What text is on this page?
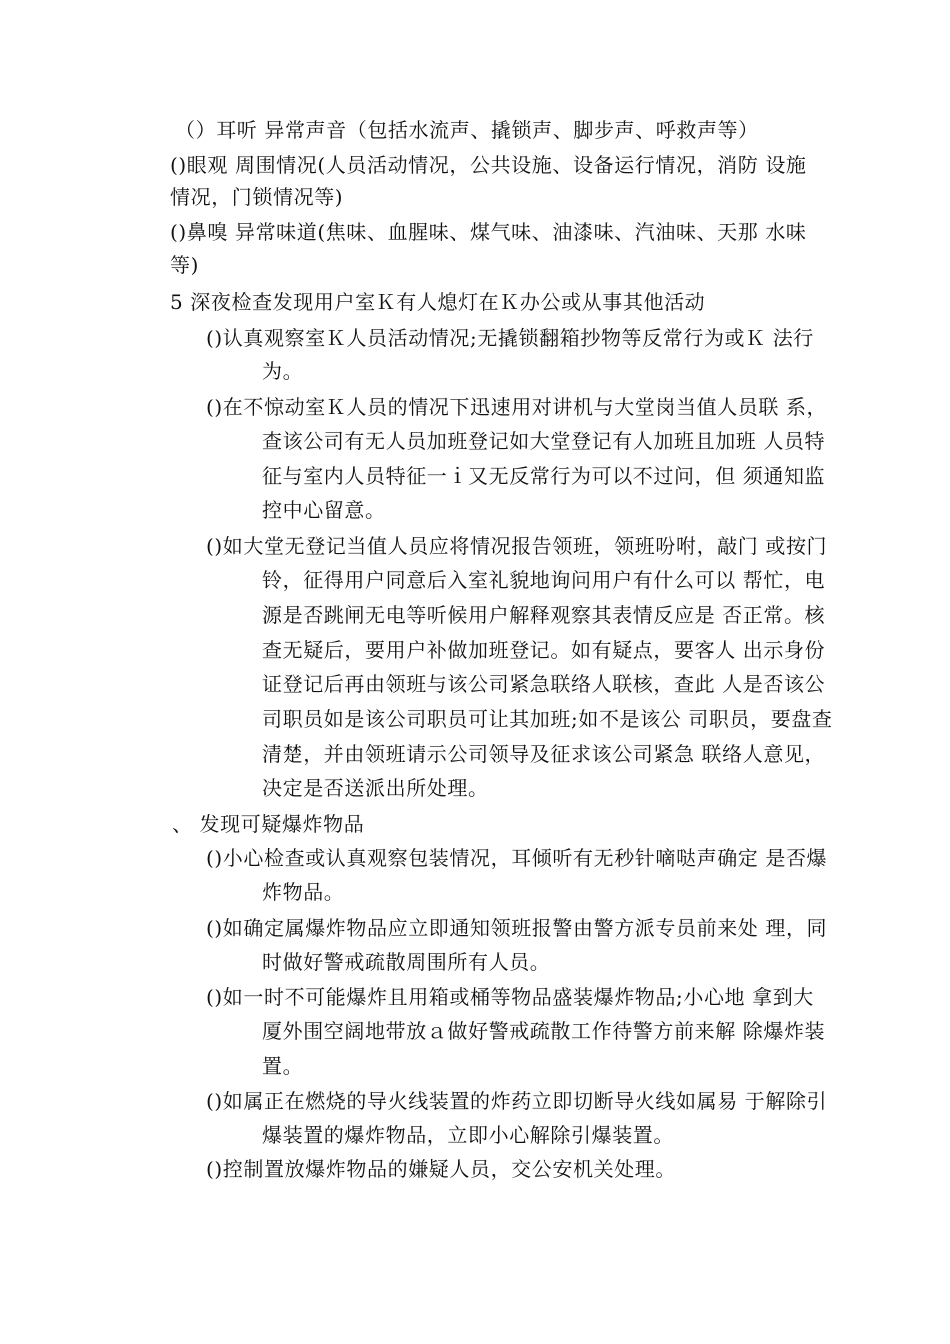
（）耳听 异常声音（包括水流声、撬锁声、脚步声、呼救声等）
()眼观 周围情况(人员活动情况，公共设施、设备运行情况，消防 设施
情况，门锁情况等)
()鼻嗅 异常味道(焦味、血腥味、煤气味、油漆味、汽油味、天那 水味
等)
5 深夜检查发现用户室Ｋ有人熄灯在Ｋ办公或从事其他活动
()认真观察室Ｋ人员活动情况;无撬锁翻箱抄物等反常行为或Ｋ 法行
为。
()在不惊动室Ｋ人员的情况下迅速用对讲机与大堂岗当值人员联 系，
查该公司有无人员加班登记如大堂登记有人加班且加班 人员特
征与室内人员特征一ｉ又无反常行为可以不过问，但 须通知监
控中心留意。
()如大堂无登记当值人员应将情况报告领班，领班吩咐，敲门 或按门
铃，征得用户同意后入室礼貌地询问用户有什么可以 帮忙，电
源是否跳闸无电等听候用户解释观察其表情反应是 否正常。核
查无疑后，要用户补做加班登记。如有疑点，要客人 出示身份
证登记后再由领班与该公司紧急联络人联核，查此 人是否该公
司职员如是该公司职员可让其加班;如不是该公 司职员，要盘查
清楚，并由领班请示公司领导及征求该公司紧急 联络人意见，
决定是否送派出所处理。
、 发现可疑爆炸物品
()小心检查或认真观察包装情况，耳倾听有无秒针嘀哒声确定 是否爆
炸物品。
()如确定属爆炸物品应立即通知领班报警由警方派专员前来处 理，同
时做好警戒疏散周围所有人员。
()如一时不可能爆炸且用箱或桶等物品盛装爆炸物品;小心地 拿到大
厦外围空阔地带放ａ做好警戒疏散工作待警方前来解 除爆炸装
置。
()如属正在燃烧的导火线装置的炸药立即切断导火线如属易 于解除引
爆装置的爆炸物品，立即小心解除引爆装置。
()控制置放爆炸物品的嫌疑人员，交公安机关处理。
